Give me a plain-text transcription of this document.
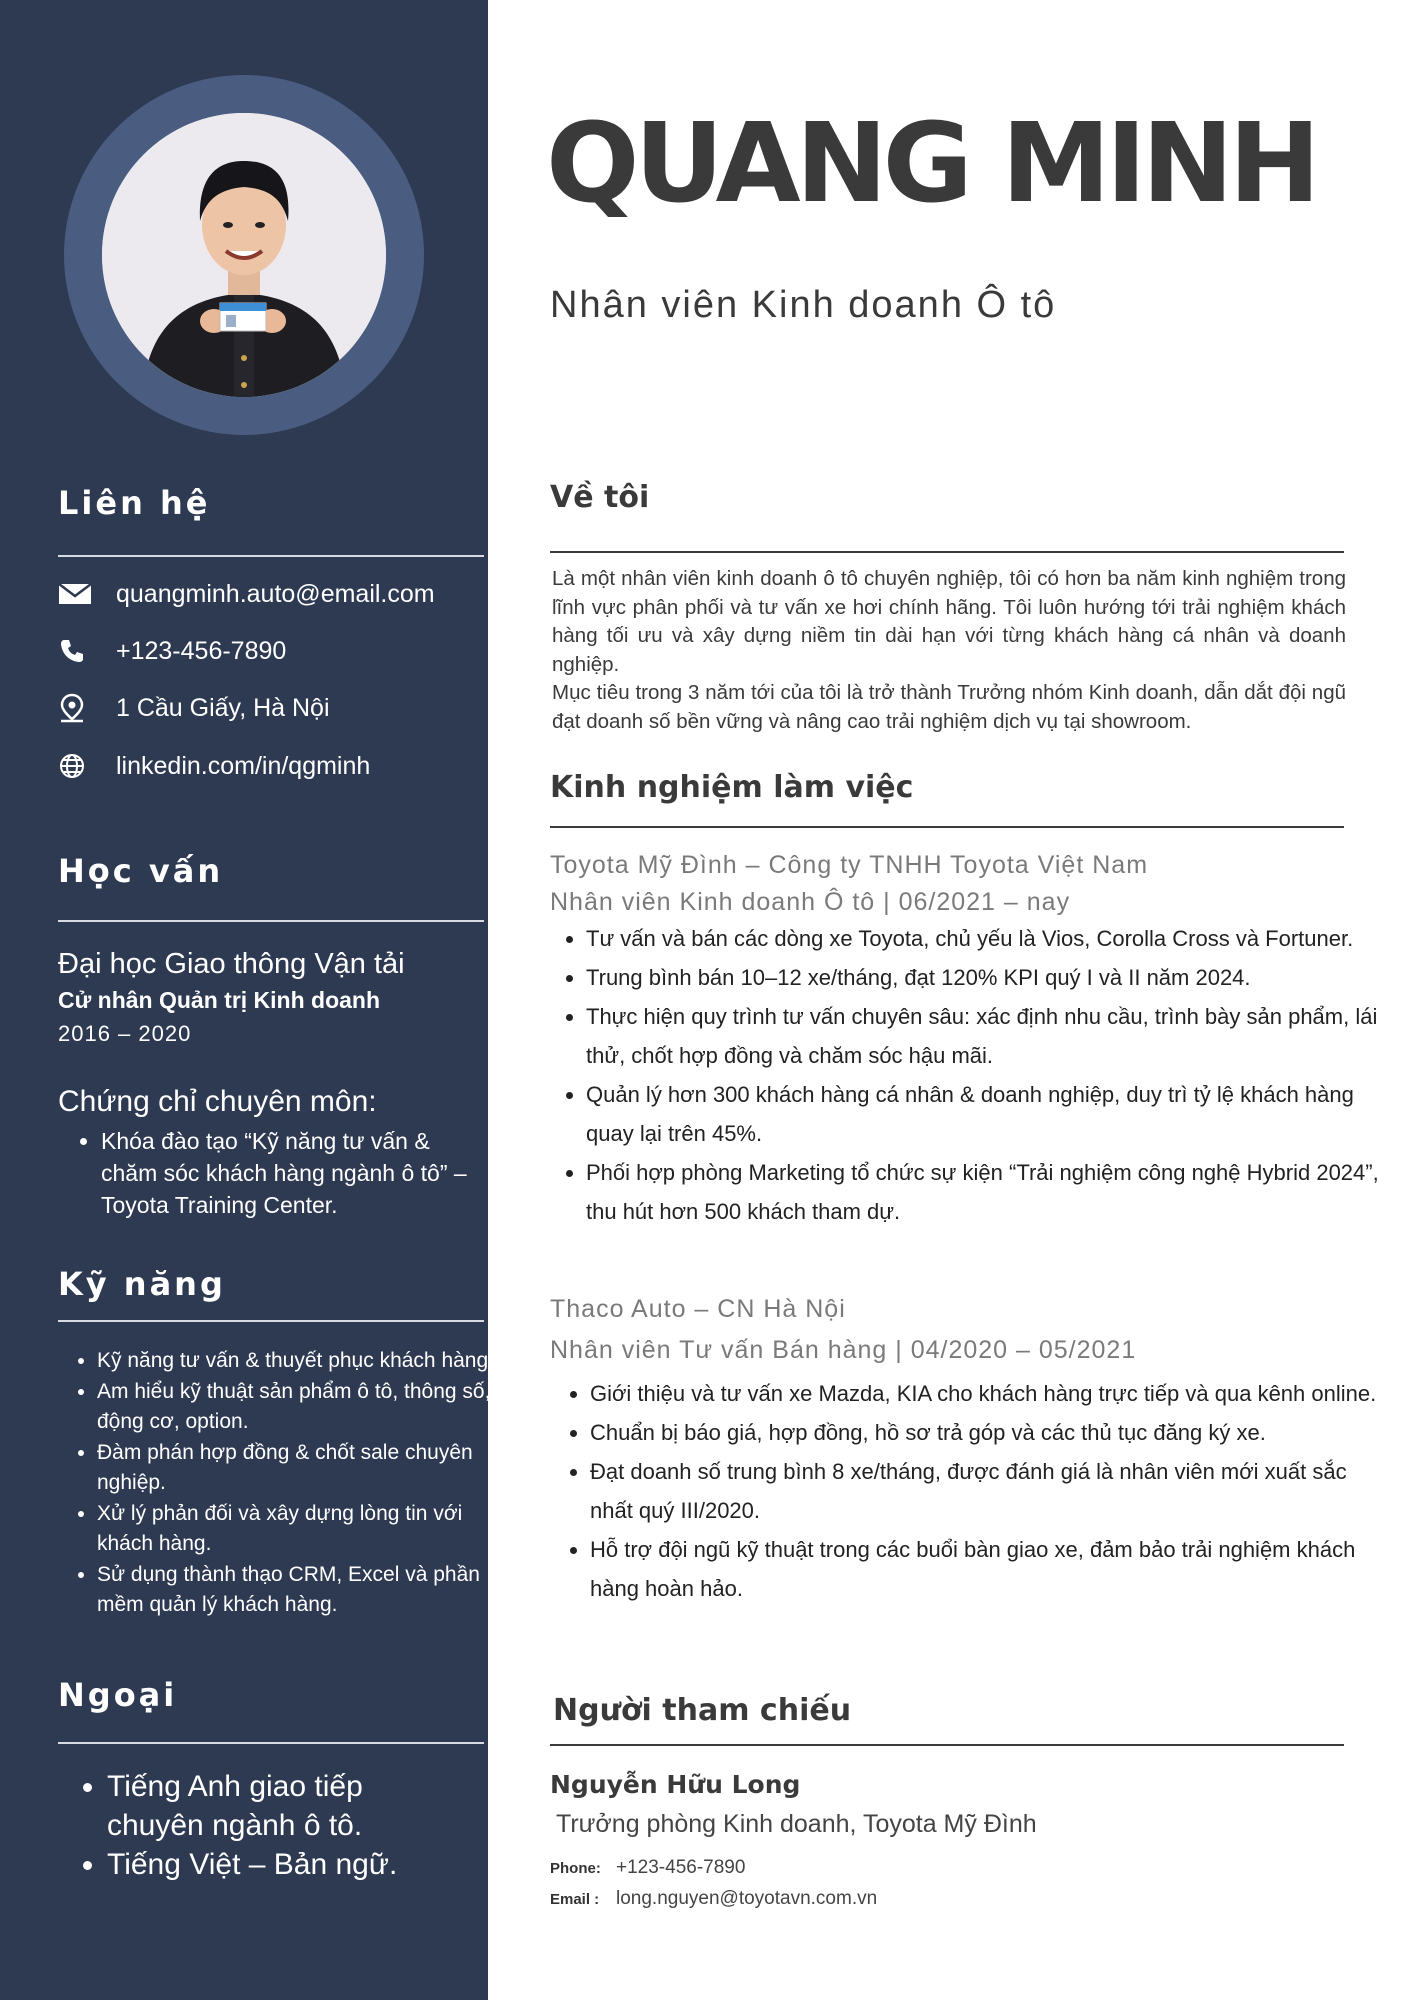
Liên hệ
quangminh.auto@email.com
+123-456-7890
1 Cầu Giấy, Hà Nội
linkedin.com/in/qgminh
Học vấn
Đại học Giao thông Vận tải
Cử nhân Quản trị Kinh doanh
2016 – 2020
Chứng chỉ chuyên môn:
• Khóa đào tạo “Kỹ năng tư vấn & chăm sóc khách hàng ngành ô tô” – Toyota Training Center.
Kỹ năng
• Kỹ năng tư vấn & thuyết phục khách hàng.
• Am hiểu kỹ thuật sản phẩm ô tô, thông số, động cơ, option.
• Đàm phán hợp đồng & chốt sale chuyên nghiệp.
• Xử lý phản đối và xây dựng lòng tin với khách hàng.
• Sử dụng thành thạo CRM, Excel và phần mềm quản lý khách hàng.
Ngoại
• Tiếng Anh giao tiếp chuyên ngành ô tô.
• Tiếng Việt – Bản ngữ.
QUANG MINH
Nhân viên Kinh doanh Ô tô
Về tôi
Là một nhân viên kinh doanh ô tô chuyên nghiệp, tôi có hơn ba năm kinh nghiệm trong lĩnh vực phân phối và tư vấn xe hơi chính hãng. Tôi luôn hướng tới trải nghiệm khách hàng tối ưu và xây dựng niềm tin dài hạn với từng khách hàng cá nhân và doanh nghiệp.
Mục tiêu trong 3 năm tới của tôi là trở thành Trưởng nhóm Kinh doanh, dẫn dắt đội ngũ đạt doanh số bền vững và nâng cao trải nghiệm dịch vụ tại showroom.
Kinh nghiệm làm việc
Toyota Mỹ Đình – Công ty TNHH Toyota Việt Nam
Nhân viên Kinh doanh Ô tô | 06/2021 – nay
• Tư vấn và bán các dòng xe Toyota, chủ yếu là Vios, Corolla Cross và Fortuner.
• Trung bình bán 10–12 xe/tháng, đạt 120% KPI quý I và II năm 2024.
• Thực hiện quy trình tư vấn chuyên sâu: xác định nhu cầu, trình bày sản phẩm, lái thử, chốt hợp đồng và chăm sóc hậu mãi.
• Quản lý hơn 300 khách hàng cá nhân & doanh nghiệp, duy trì tỷ lệ khách hàng quay lại trên 45%.
• Phối hợp phòng Marketing tổ chức sự kiện “Trải nghiệm công nghệ Hybrid 2024”, thu hút hơn 500 khách tham dự.
Thaco Auto – CN Hà Nội
Nhân viên Tư vấn Bán hàng | 04/2020 – 05/2021
• Giới thiệu và tư vấn xe Mazda, KIA cho khách hàng trực tiếp và qua kênh online.
• Chuẩn bị báo giá, hợp đồng, hồ sơ trả góp và các thủ tục đăng ký xe.
• Đạt doanh số trung bình 8 xe/tháng, được đánh giá là nhân viên mới xuất sắc nhất quý III/2020.
• Hỗ trợ đội ngũ kỹ thuật trong các buổi bàn giao xe, đảm bảo trải nghiệm khách hàng hoàn hảo.
Người tham chiếu
Nguyễn Hữu Long
Trưởng phòng Kinh doanh, Toyota Mỹ Đình
Phone: +123-456-7890
Email : long.nguyen@toyotavn.com.vn
